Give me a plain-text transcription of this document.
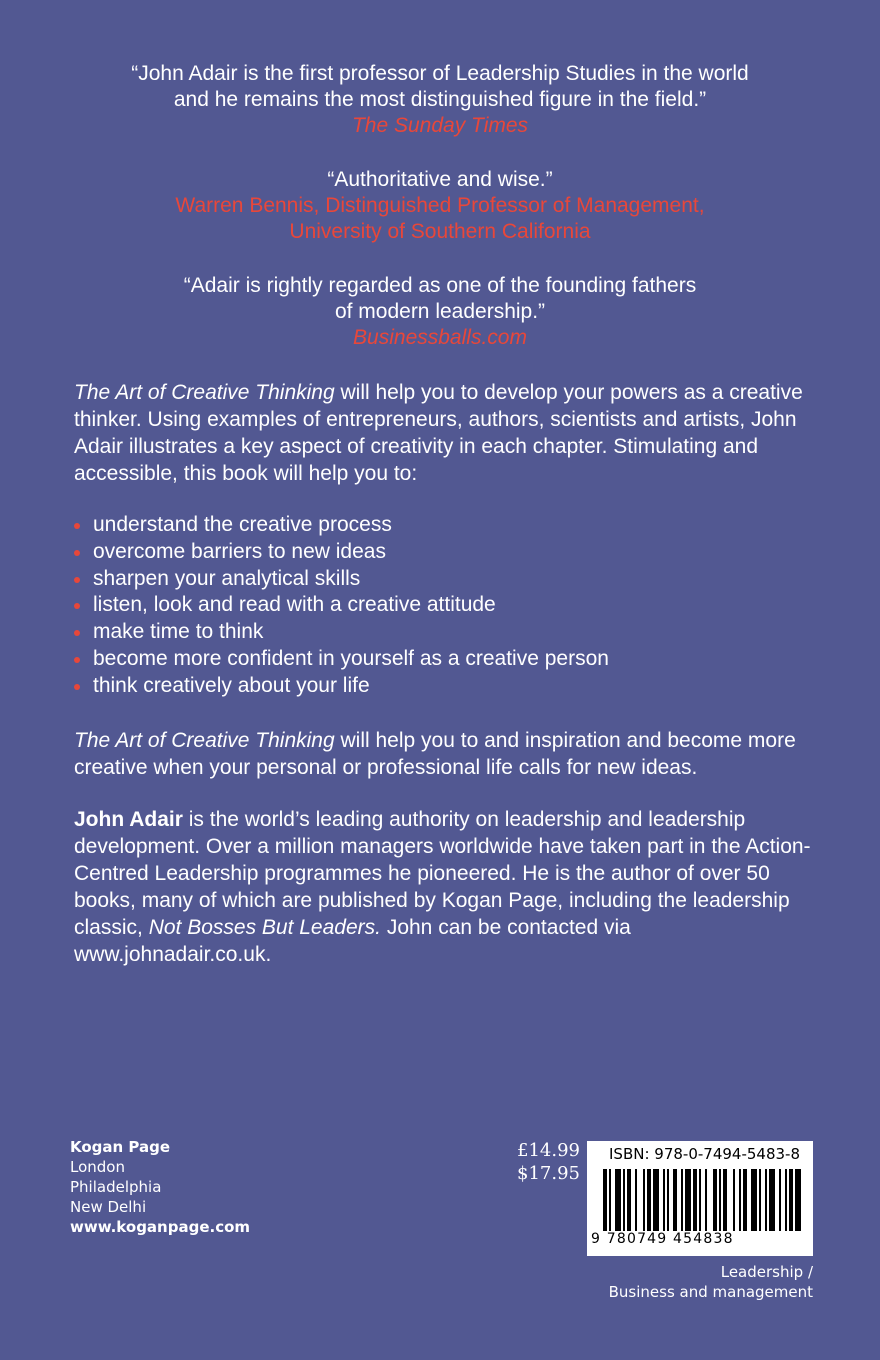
“John Adair is the first professor of Leadership Studies in the world
and he remains the most distinguished figure in the field.”
The Sunday Times
“Authoritative and wise.”
Warren Bennis, Distinguished Professor of Management,
University of Southern California
“Adair is rightly regarded as one of the founding fathers
of modern leadership.”
Businessballs.com
The Art of Creative Thinking will help you to develop your powers as a creative thinker. Using examples of entrepreneurs, authors, scientists and artists, John Adair illustrates a key aspect of creativity in each chapter. Stimulating and accessible, this book will help you to:
understand the creative process
overcome barriers to new ideas
sharpen your analytical skills
listen, look and read with a creative attitude
make time to think
become more confident in yourself as a creative person
think creatively about your life
The Art of Creative Thinking will help you to and inspiration and become more creative when your personal or professional life calls for new ideas.
John Adair is the world’s leading authority on leadership and leadership development. Over a million managers worldwide have taken part in the Action-Centred Leadership programmes he pioneered. He is the author of over 50 books, many of which are published by Kogan Page, including the leadership classic, Not Bosses But Leaders. John can be contacted via www.johnadair.co.uk.
Kogan Page
London
Philadelphia
New Delhi
www.koganpage.com
£14.99
$17.95
ISBN: 978-0-7494-5483-8
9 780749 454838
Leadership /
Business and management
